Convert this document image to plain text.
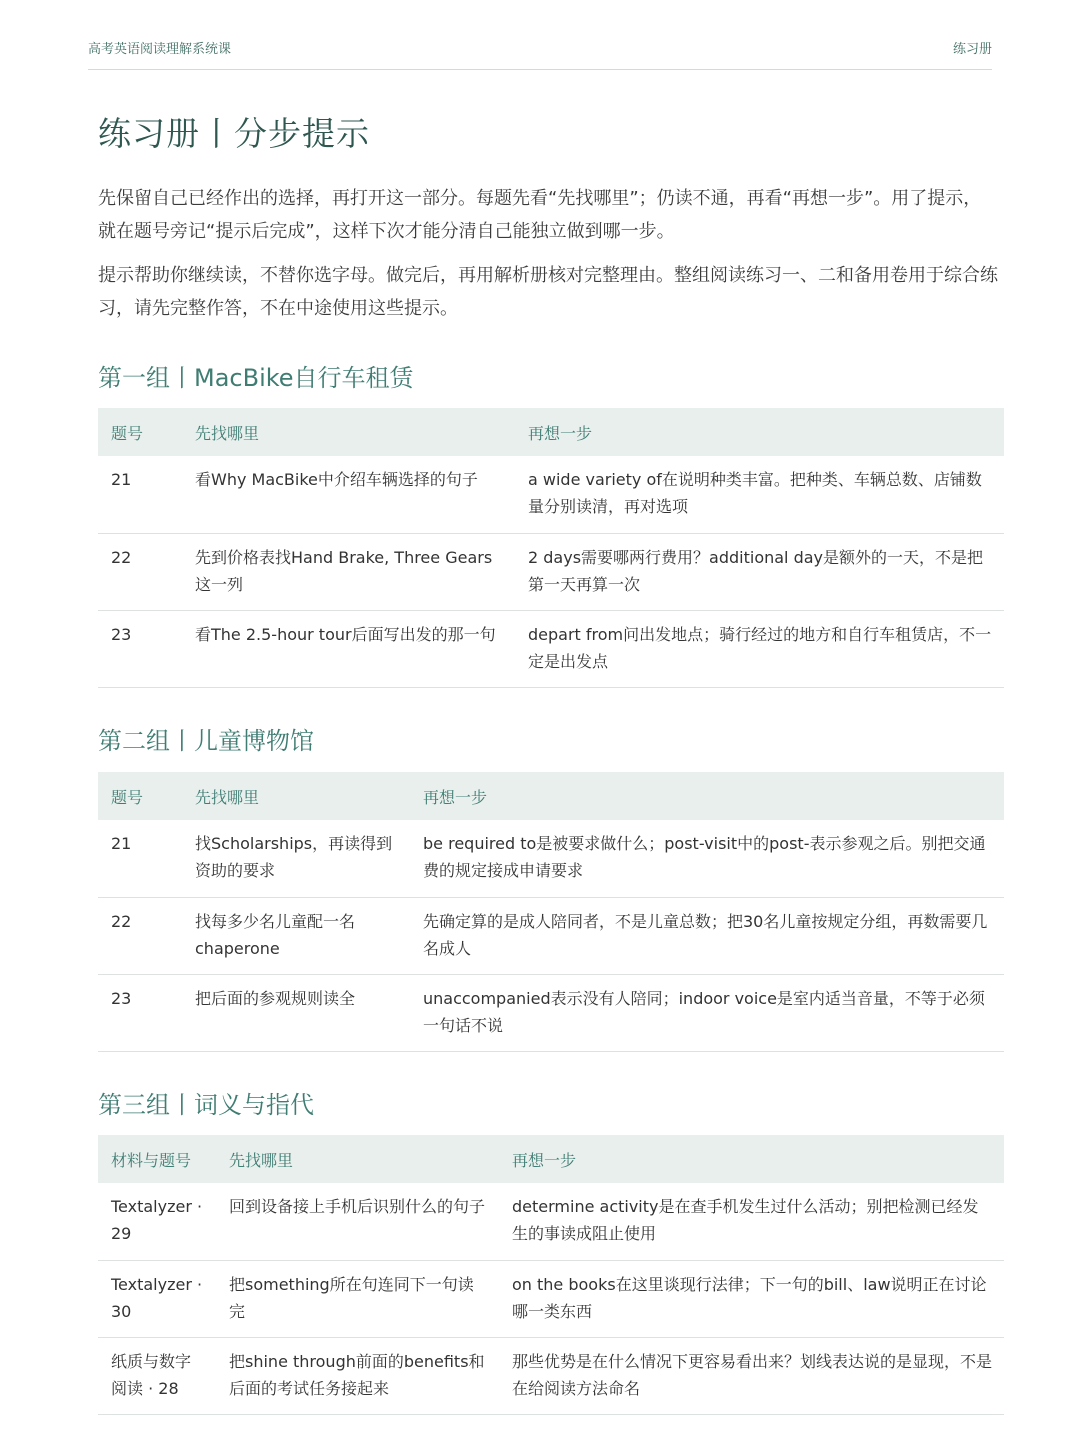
高考英语阅读理解系统课	练习册
练习册丨分步提示

先保留自己已经作出的选择，再打开这一部分。每题先看“先找哪里”；仍读不通，再看“再想一步”。用了提示，就在题号旁记“提示后完成”，这样下次才能分清自己能独立做到哪一步。

提示帮助你继续读，不替你选字母。做完后，再用解析册核对完整理由。整组阅读练习一、二和备用卷用于综合练习，请先完整作答，不在中途使用这些提示。

第一组丨MacBike自行车租赁
题号	先找哪里	再想一步
21	看Why MacBike中介绍车辆选择的句子	a wide variety of在说明种类丰富。把种类、车辆总数、店铺数量分别读清，再对选项
22	先到价格表找Hand Brake, Three Gears这一列	2 days需要哪两行费用？additional day是额外的一天，不是把第一天再算一次
23	看The 2.5-hour tour后面写出发的那一句	depart from问出发地点；骑行经过的地方和自行车租赁店，不一定是出发点
第二组丨儿童博物馆
题号	先找哪里	再想一步
21	找Scholarships，再读得到资助的要求	be required to是被要求做什么；post-visit中的post-表示参观之后。别把交通费的规定接成申请要求
22	找每多少名儿童配一名chaperone	先确定算的是成人陪同者，不是儿童总数；把30名儿童按规定分组，再数需要几名成人
23	把后面的参观规则读全	unaccompanied表示没有人陪同；indoor voice是室内适当音量，不等于必须一句话不说
第三组丨词义与指代
材料与题号	先找哪里	再想一步
Textalyzer · 29	回到设备接上手机后识别什么的句子	determine activity是在查手机发生过什么活动；别把检测已经发生的事读成阻止使用
Textalyzer · 30	把something所在句连同下一句读完	on the books在这里谈现行法律；下一句的bill、law说明正在讨论哪一类东西
纸质与数字阅读 · 28	把shine through前面的benefits和后面的考试任务接起来	那些优势是在什么情况下更容易看出来？划线表达说的是显现，不是在给阅读方法命名
